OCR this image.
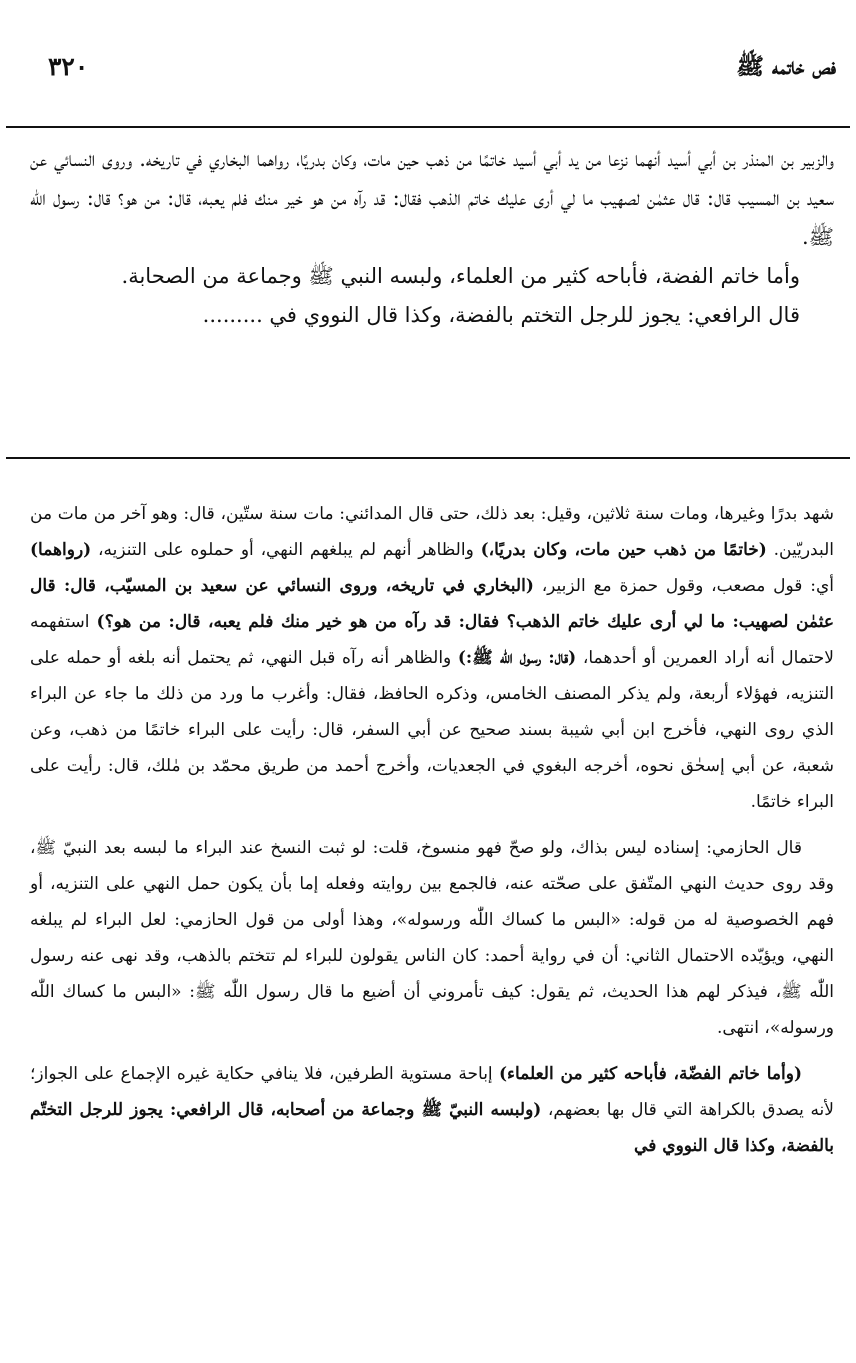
فص خاتمه ﷺ
٣٢٠

والزبير بن المنذر بن أبي أسيد أنهما نزعا من يد أبي أسيد خاتمًا من ذهب حين مات، وكان بدريًا، رواهما البخاري في تاريخه. وروى النسائي عن سعيد بن المسيب قال: قال عثمٰن لصهيب ما لي أرى عليك خاتم الذهب فقال: قد رآه من هو خير منك فلم يعبه، قال: من هو؟ قال: رسول الله ﷺ.

وأما خاتم الفضة، فأباحه كثير من العلماء، ولبسه النبي ﷺ وجماعة من الصحابة.

قال الرافعي: يجوز للرجل التختم بالفضة، وكذا قال النووي في .........

شهد بدرًا وغيرها، ومات سنة ثلاثين، وقيل: بعد ذلك، حتى قال المدائني: مات سنة ستّين، قال: وهو آخر من مات من البدريّين. (خاتمًا من ذهب حين مات، وكان بدريًا،) والظاهر أنهم لم يبلغهم النهي، أو حملوه على التنزيه، (رواهما) أي: قول مصعب، وقول حمزة مع الزبير، (البخاري في تاريخه، وروى النسائي عن سعيد بن المسيّب، قال: قال عثمٰن لصهيب: ما لي أرى عليك خاتم الذهب؟ فقال: قد رآه من هو خير منك فلم يعبه، قال: من هو؟) استفهمه لاحتمال أنه أراد العمرين أو أحدهما، (قال: رسول اللّٰه ﷺ:) والظاهر أنه رآه قبل النهي، ثم يحتمل أنه بلغه أو حمله على التنزيه، فهؤلاء أربعة، ولم يذكر المصنف الخامس، وذكره الحافظ، فقال: وأغرب ما ورد من ذلك ما جاء عن البراء الذي روى النهي، فأخرج ابن أبي شيبة بسند صحيح عن أبي السفر، قال: رأيت على البراء خاتمًا من ذهب، وعن شعبة، عن أبي إسحٰق نحوه، أخرجه البغوي في الجعديات، وأخرج أحمد من طريق محمّد بن مٰلك، قال: رأيت على البراء خاتمًا.

قال الحازمي: إسناده ليس بذاك، ولو صحّ فهو منسوخ، قلت: لو ثبت النسخ عند البراء ما لبسه بعد النبيّ ﷺ، وقد روى حديث النهي المتّفق على صحّته عنه، فالجمع بين روايته وفعله إما بأن يكون حمل النهي على التنزيه، أو فهم الخصوصية له من قوله: «البس ما كساك اللّٰه ورسوله»، وهذا أولى من قول الحازمي: لعل البراء لم يبلغه النهي، ويؤيّده الاحتمال الثاني: أن في رواية أحمد: كان الناس يقولون للبراء لم تتختم بالذهب، وقد نهى عنه رسول اللّٰه ﷺ، فيذكر لهم هذا الحديث، ثم يقول: كيف تأمروني أن أضيع ما قال رسول اللّٰه ﷺ: «البس ما كساك اللّٰه ورسوله»، انتهى.

(وأما خاتم الفضّة، فأباحه كثير من العلماء) إباحة مستوية الطرفين، فلا ينافي حكاية غيره الإجماع على الجواز؛ لأنه يصدق بالكراهة التي قال بها بعضهم، (ولبسه النبيّ ﷺ وجماعة من أصحابه، قال الرافعي: يجوز للرجل التختّم بالفضة، وكذا قال النووي في
